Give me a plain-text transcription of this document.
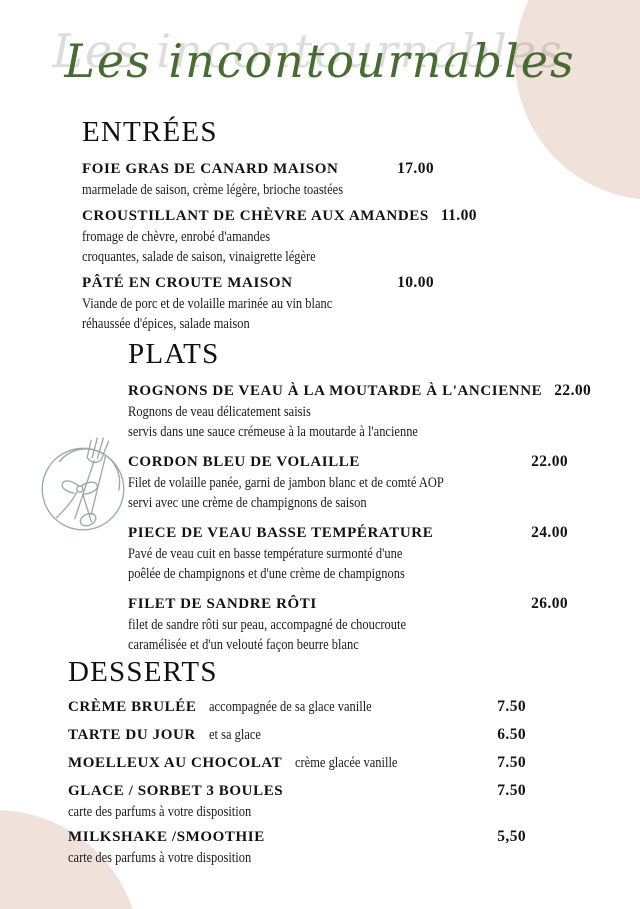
Les incontournables
ENTRÉES
FOIE GRAS DE CANARD MAISON	17.00
marmelade de saison, crème légère, brioche toastées
CROUSTILLANT DE CHÈVRE AUX AMANDES 11.00
fromage de chèvre, enrobé d'amandes
croquantes, salade de saison, vinaigrette légère
PÂTÉ EN CROUTE MAISON	10.00
Viande de porc et de volaille marinée au vin blanc
réhaussée d'épices, salade maison
PLATS
ROGNONS DE VEAU À LA MOUTARDE À L'ANCIENNE 22.00
Rognons de veau délicatement saisis
servis dans une sauce crémeuse à la moutarde à l'ancienne
CORDON BLEU DE VOLAILLE	22.00
Filet de volaille panée, garni de jambon blanc et de comté AOP
servi avec une crème de champignons de saison
PIECE DE VEAU BASSE TEMPÉRATURE	24.00
Pavé de veau cuit en basse température surmonté d'une
poêlée de champignons et d'une crème de champignons
FILET DE SANDRE RÔTI	26.00
filet de sandre rôti sur peau, accompagné de choucroute
caramélisée et d'un velouté façon beurre blanc
DESSERTS
CRÈME BRULÉE accompagnée de sa glace vanille	7.50
TARTE DU JOUR et sa glace	6.50
MOELLEUX AU CHOCOLAT crème glacée vanille	7.50
GLACE / SORBET 3 BOULES	7.50
carte des parfums à votre disposition
MILKSHAKE /SMOOTHIE	5,50
carte des parfums à votre disposition
